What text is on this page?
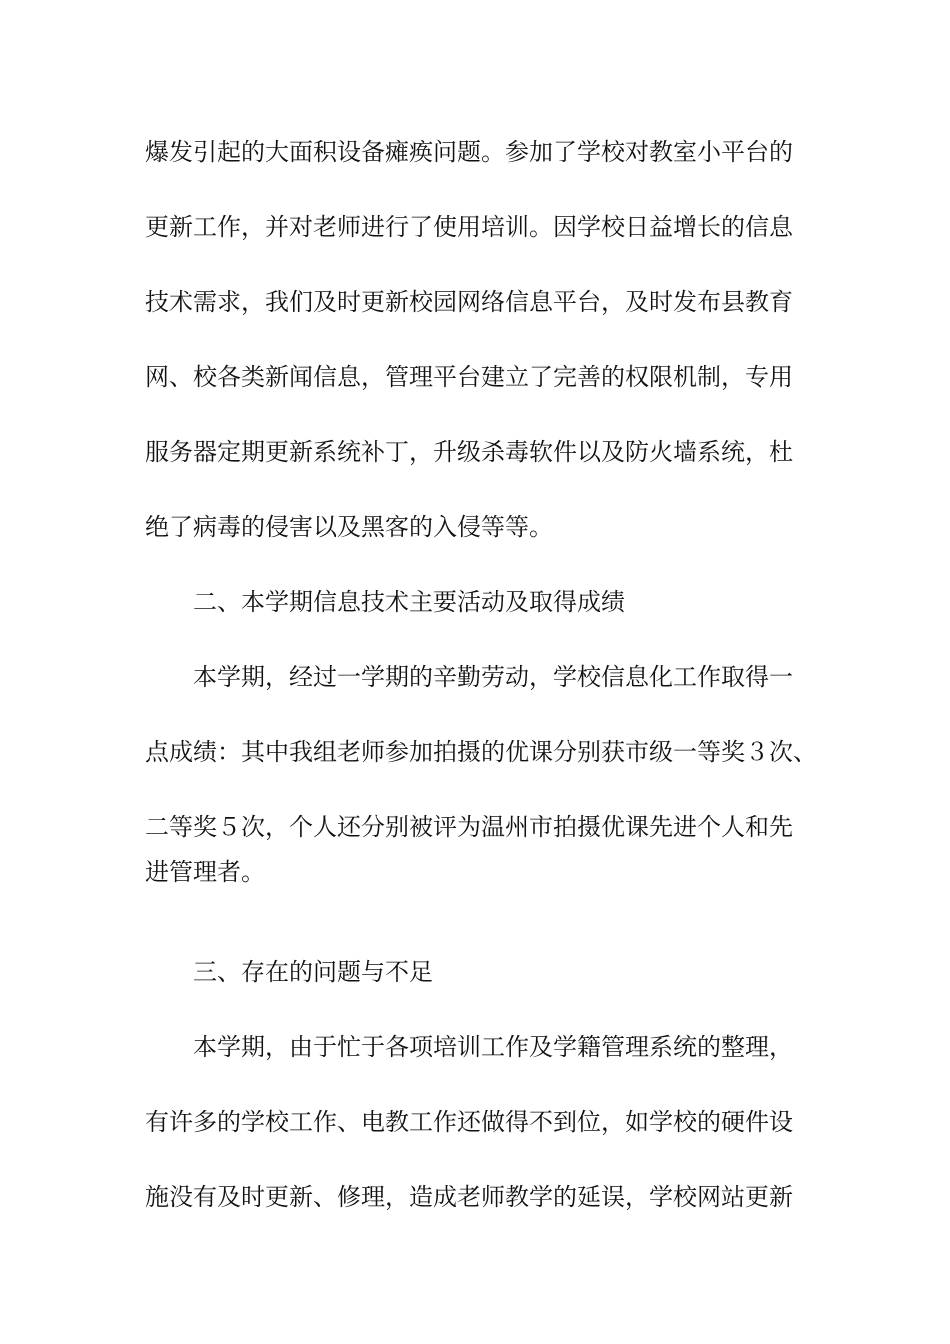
爆发引起的大面积设备瘫痪问题。参加了学校对教室小平台的
更新工作，并对老师进行了使用培训。因学校日益增长的信息
技术需求，我们及时更新校园网络信息平台，及时发布县教育
网、校各类新闻信息，管理平台建立了完善的权限机制，专用
服务器定期更新系统补丁，升级杀毒软件以及防火墙系统，杜
绝了病毒的侵害以及黑客的入侵等等。
二、本学期信息技术主要活动及取得成绩
本学期，经过一学期的辛勤劳动，学校信息化工作取得一
点成绩：其中我组老师参加拍摄的优课分别获市级一等奖３次、
二等奖５次，个人还分别被评为温州市拍摄优课先进个人和先
进管理者。
三、存在的问题与不足
本学期，由于忙于各项培训工作及学籍管理系统的整理，
有许多的学校工作、电教工作还做得不到位，如学校的硬件设
施没有及时更新、修理，造成老师教学的延误，学校网站更新
